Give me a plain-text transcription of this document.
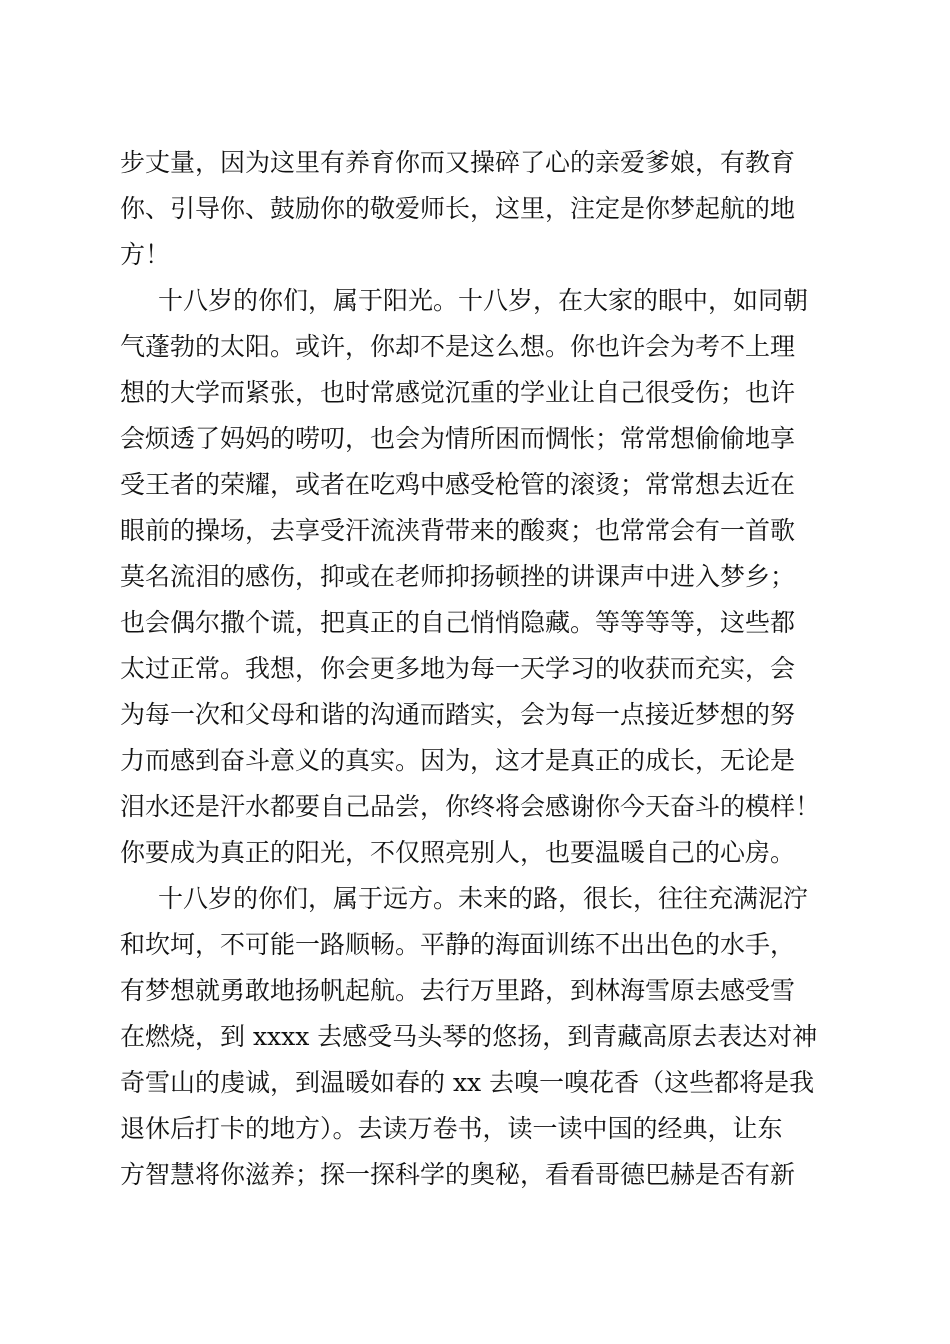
步丈量，因为这里有养育你而又操碎了心的亲爱爹娘，有教育
你、引导你、鼓励你的敬爱师长，这里，注定是你梦起航的地
方！
十八岁的你们，属于阳光。十八岁，在大家的眼中，如同朝
气蓬勃的太阳。或许，你却不是这么想。你也许会为考不上理
想的大学而紧张，也时常感觉沉重的学业让自己很受伤；也许
会烦透了妈妈的唠叨，也会为情所困而惆怅；常常想偷偷地享
受王者的荣耀，或者在吃鸡中感受枪管的滚烫；常常想去近在
眼前的操场，去享受汗流浃背带来的酸爽；也常常会有一首歌
莫名流泪的感伤，抑或在老师抑扬顿挫的讲课声中进入梦乡；
也会偶尔撒个谎，把真正的自己悄悄隐藏。等等等等，这些都
太过正常。我想，你会更多地为每一天学习的收获而充实，会
为每一次和父母和谐的沟通而踏实，会为每一点接近梦想的努
力而感到奋斗意义的真实。因为，这才是真正的成长，无论是
泪水还是汗水都要自己品尝，你终将会感谢你今天奋斗的模样！
你要成为真正的阳光，不仅照亮别人，也要温暖自己的心房。
十八岁的你们，属于远方。未来的路，很长，往往充满泥泞
和坎坷，不可能一路顺畅。平静的海面训练不出出色的水手，
有梦想就勇敢地扬帆起航。去行万里路，到林海雪原去感受雪
在燃烧，到 xxxx 去感受马头琴的悠扬，到青藏高原去表达对神
奇雪山的虔诚，到温暖如春的 xx 去嗅一嗅花香（这些都将是我
退休后打卡的地方）。去读万卷书，读一读中国的经典，让东
方智慧将你滋养；探一探科学的奥秘，看看哥德巴赫是否有新
